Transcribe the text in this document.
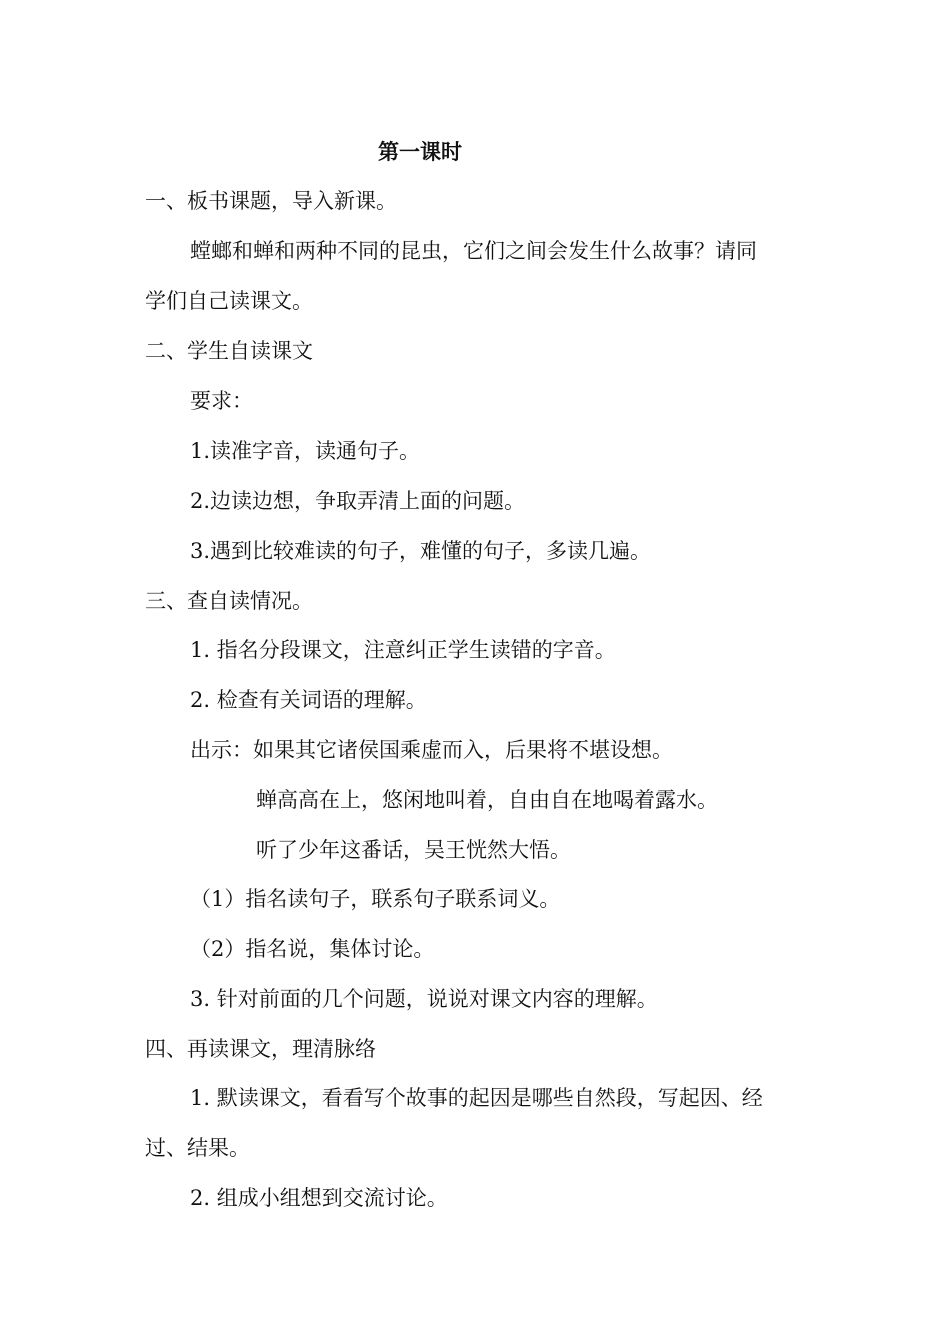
第一课时
一、板书课题，导入新课。
螳螂和蝉和两种不同的昆虫，它们之间会发生什么故事？请同
学们自己读课文。
二、学生自读课文
要求：
1.读准字音，读通句子。
2.边读边想，争取弄清上面的问题。
3.遇到比较难读的句子，难懂的句子，多读几遍。
三、查自读情况。
1. 指名分段课文，注意纠正学生读错的字音。
2. 检查有关词语的理解。
出示：如果其它诸侯国乘虚而入，后果将不堪设想。
蝉高高在上，悠闲地叫着，自由自在地喝着露水。
听了少年这番话，吴王恍然大悟。
（1）指名读句子，联系句子联系词义。
（2）指名说，集体讨论。
3. 针对前面的几个问题，说说对课文内容的理解。
四、再读课文，理清脉络
1. 默读课文，看看写个故事的起因是哪些自然段，写起因、经
过、结果。
2. 组成小组想到交流讨论。
